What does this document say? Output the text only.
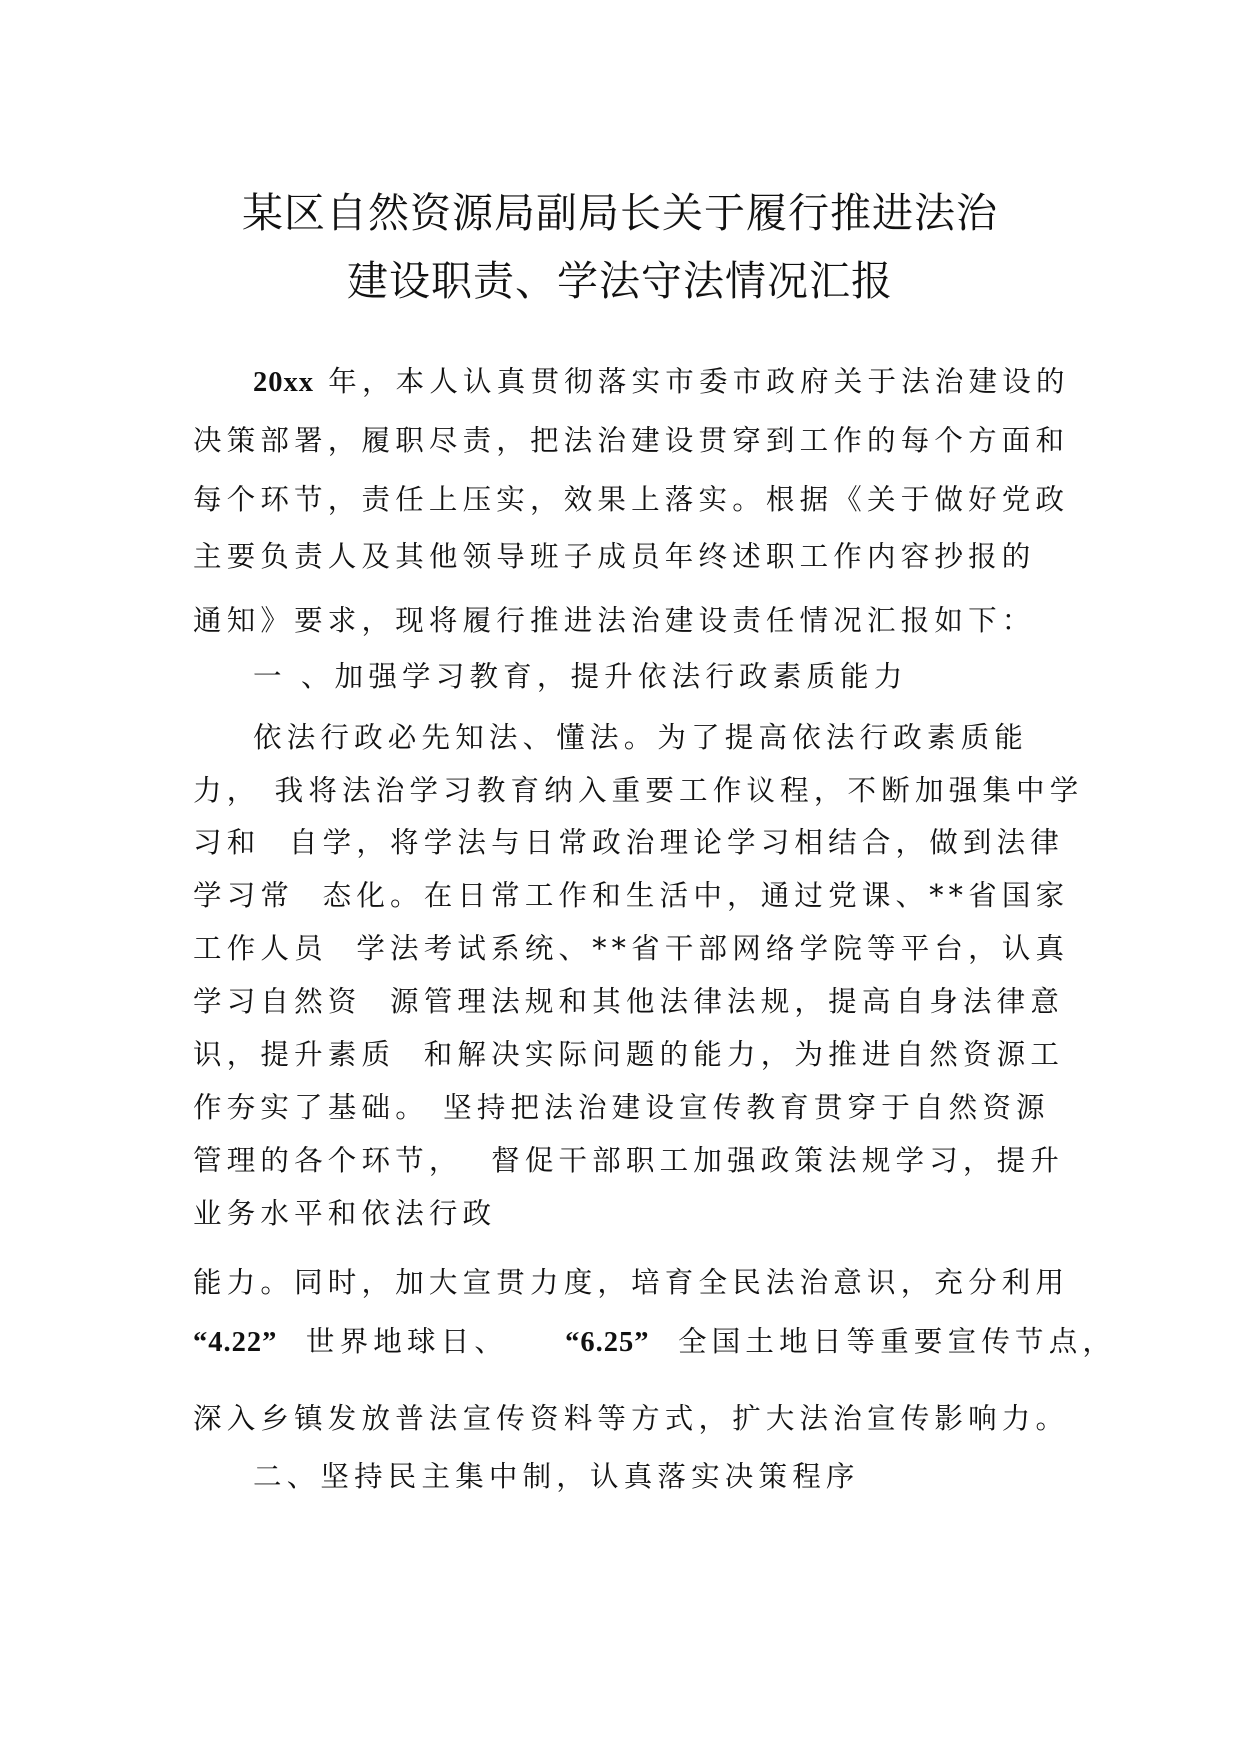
某区自然资源局副局长关于履行推进法治
建设职责、学法守法情况汇报
20xx 年，本人认真贯彻落实市委市政府关于法治建设的
决策部署，履职尽责，把法治建设贯穿到工作的每个方面和
每个环节，责任上压实，效果上落实。根据《关于做好党政
主要负责人及其他领导班子成员年终述职工作内容抄报的
通知》要求，现将履行推进法治建设责任情况汇报如下：
一 、加强学习教育，提升依法行政素质能力
依法行政必先知法、懂法。为了提高依法行政素质能
力， 我将法治学习教育纳入重要工作议程，不断加强集中学
习和  自学，将学法与日常政治理论学习相结合，做到法律
学习常  态化。在日常工作和生活中，通过党课、**省国家
工作人员  学法考试系统、**省干部网络学院等平台，认真
学习自然资  源管理法规和其他法律法规，提高自身法律意
识，提升素质  和解决实际问题的能力，为推进自然资源工
作夯实了基础。 坚持把法治建设宣传教育贯穿于自然资源
管理的各个环节，  督促干部职工加强政策法规学习，提升
业务水平和依法行政
能力。同时，加大宣贯力度，培育全民法治意识，充分利用
“4.22”  世界地球日、    “6.25”  全国土地日等重要宣传节点，
深入乡镇发放普法宣传资料等方式，扩大法治宣传影响力。
二、坚持民主集中制，认真落实决策程序
